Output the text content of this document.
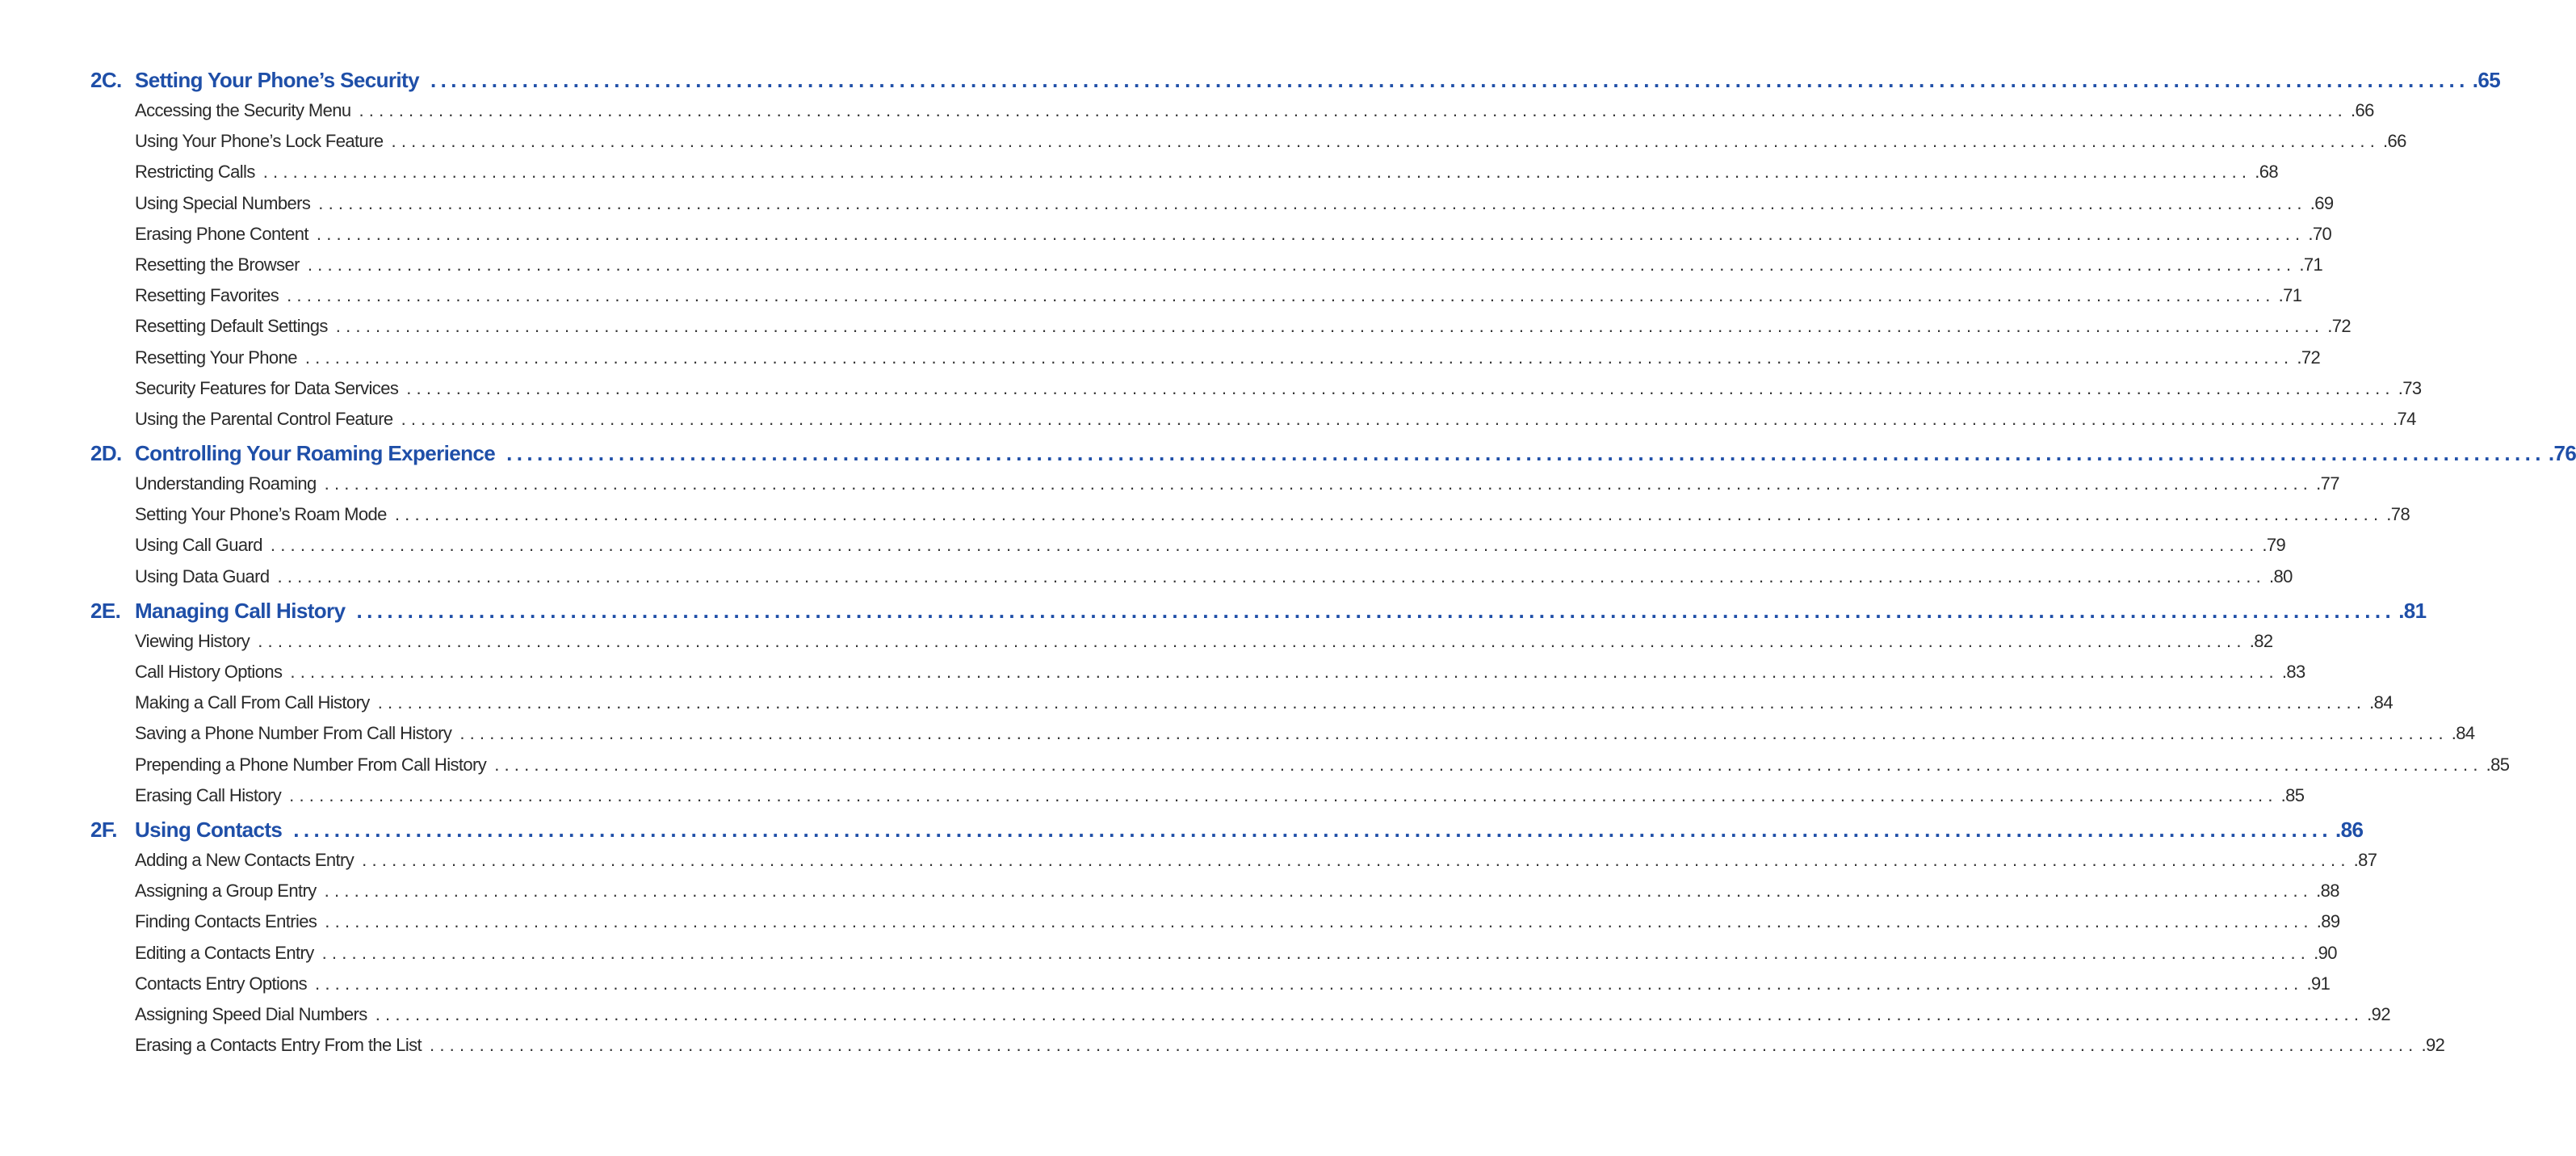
2C. Setting Your Phone’s Security ........................................................................................................................................................................................................ .65
Accessing the Security Menu ........................................................................................................................................................................................................ .66
Using Your Phone’s Lock Feature ........................................................................................................................................................................................................ .66
Restricting Calls ........................................................................................................................................................................................................ .68
Using Special Numbers ........................................................................................................................................................................................................ .69
Erasing Phone Content ........................................................................................................................................................................................................ .70
Resetting the Browser ........................................................................................................................................................................................................ .71
Resetting Favorites ........................................................................................................................................................................................................ .71
Resetting Default Settings ........................................................................................................................................................................................................ .72
Resetting Your Phone ........................................................................................................................................................................................................ .72
Security Features for Data Services ........................................................................................................................................................................................................ .73
Using the Parental Control Feature ........................................................................................................................................................................................................ .74
2D. Controlling Your Roaming Experience ........................................................................................................................................................................................................ .76
Understanding Roaming ........................................................................................................................................................................................................ .77
Setting Your Phone’s Roam Mode ........................................................................................................................................................................................................ .78
Using Call Guard ........................................................................................................................................................................................................ .79
Using Data Guard ........................................................................................................................................................................................................ .80
2E. Managing Call History ........................................................................................................................................................................................................ .81
Viewing History ........................................................................................................................................................................................................ .82
Call History Options ........................................................................................................................................................................................................ .83
Making a Call From Call History ........................................................................................................................................................................................................ .84
Saving a Phone Number From Call History ........................................................................................................................................................................................................ .84
Prepending a Phone Number From Call History ........................................................................................................................................................................................................ .85
Erasing Call History ........................................................................................................................................................................................................ .85
2F. Using Contacts ........................................................................................................................................................................................................ .86
Adding a New Contacts Entry ........................................................................................................................................................................................................ .87
Assigning a Group Entry ........................................................................................................................................................................................................ .88
Finding Contacts Entries ........................................................................................................................................................................................................ .89
Editing a Contacts Entry ........................................................................................................................................................................................................ .90
Contacts Entry Options ........................................................................................................................................................................................................ .91
Assigning Speed Dial Numbers ........................................................................................................................................................................................................ .92
Erasing a Contacts Entry From the List ........................................................................................................................................................................................................ .92
